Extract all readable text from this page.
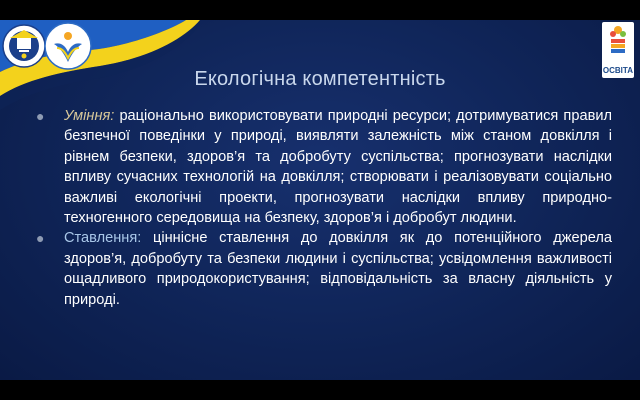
ОСВІТА
Екологічна компетентність
● Уміння: раціонально використовувати природні ресурси; дотримуватися правил безпечної поведінки у природі, виявляти залежність між станом довкілля і рівнем безпеки, здоров’я та добробуту суспільства; прогнозувати наслідки впливу сучасних технологій на довкілля; створювати і реалізовувати соціально важливі екологічні проекти, прогнозувати наслідки впливу природно-техногенного середовища на безпеку, здоров’я і добробут людини.
● Ставлення: ціннісне ставлення до довкілля як до потенційного джерела здоров’я, добробуту та безпеки людини і суспільства; усвідомлення важливості ощадливого природокористування; відповідальність за власну діяльність у природі.
